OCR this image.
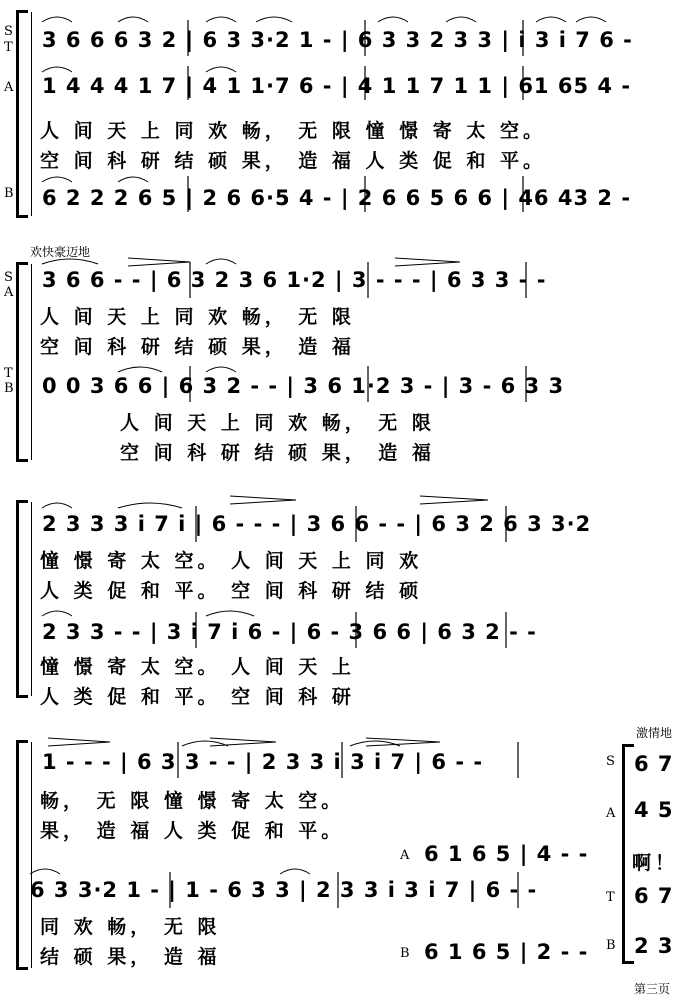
S
T
A
B
3 6 6 6 3 2 | 6 3 3·2 1 - | 6 3 3 2 3 3 | i 3 i 7 6 -
1 4 4 4 1 7 | 4 1 1·7 6 - | 4 1 1 7 1 1 | 61 65 4 -
人 间 天 上 同 欢 畅， 无 限 憧 憬 寄 太 空。
空 间 科 研 结 硕 果， 造 福 人 类 促 和 平。
6 2 2 2 6 5 | 2 6 6·5 4 - | 2 6 6 5 6 6 | 46 43 2 -
欢快豪迈地
S A
T B
3 6 6 - - | 6 3 2 3 6 1·2 | 3 - - - | 6 3 3 - -
人 间 天 上 同 欢 畅， 无 限
空 间 科 研 结 硕 果， 造 福
0 0 3 6 6 | 6 3 2 - - | 3 6 1·2 3 - | 3 - 6 3 3
人 间 天 上 同 欢 畅， 无 限
空 间 科 研 结 硕 果， 造 福
2 3 3 3 i 7 i | 6 - - - | 3 6 6 - - | 6 3 2 6 3 3·2
憧 憬 寄 太 空。 人 间 天 上 同 欢
人 类 促 和 平。 空 间 科 研 结 硕
2 3 3 - - | 3 i 7 i 6 - | 6 - 3 6 6 | 6 3 2 - -
憧 憬 寄 太 空。 人 间 天 上
人 类 促 和 平。 空 间 科 研
激情地
1 - - - | 6 3 3 - - | 2 3 3 i 3 i 7 | 6 - -
畅， 无 限 憧 憬 寄 太 空。
果， 造 福 人 类 促 和 平。
A 6 1 6 5 | 4 - -
6 3 3·2 1 - | 1 - 6 3 3 | 2 3 3 i 3 i 7 | 6 - -
同 欢 畅， 无 限
结 硕 果， 造 福	B 6 1 6 5 | 2 - -
S
A
T
B
6 7
4 5
啊！
6 7
2 3
第三页
